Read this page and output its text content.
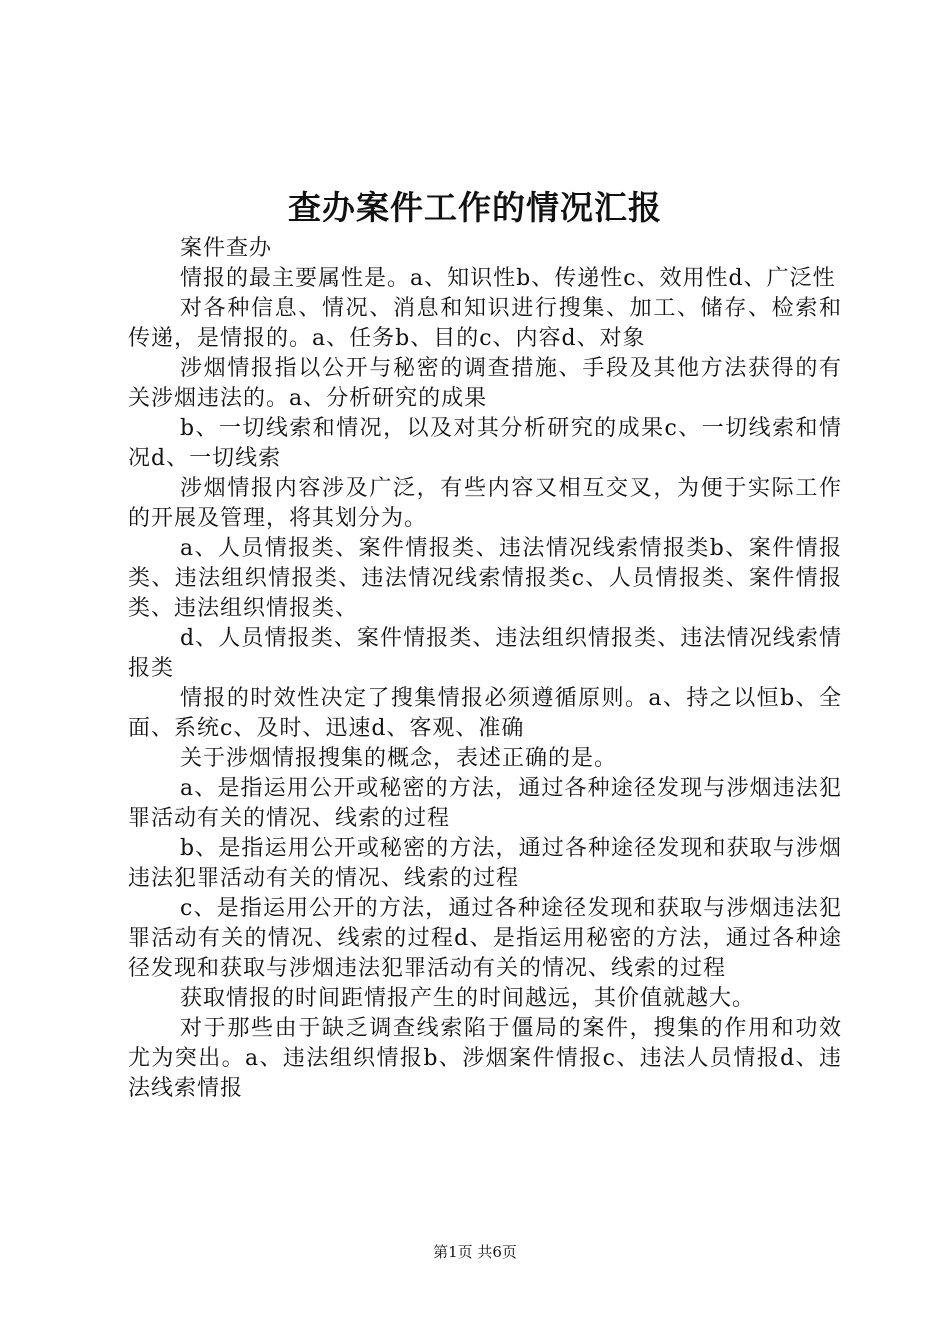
查办案件工作的情况汇报

案件查办

情报的最主要属性是。a、知识性b、传递性c、效用性d、广泛性

对各种信息、情况、消息和知识进行搜集、加工、储存、检索和传递，是情报的。a、任务b、目的c、内容d、对象

涉烟情报指以公开与秘密的调查措施、手段及其他方法获得的有关涉烟违法的。a、分析研究的成果

b、一切线索和情况，以及对其分析研究的成果c、一切线索和情况d、一切线索

涉烟情报内容涉及广泛，有些内容又相互交叉，为便于实际工作的开展及管理，将其划分为。

a、人员情报类、案件情报类、违法情况线索情报类b、案件情报类、违法组织情报类、违法情况线索情报类c、人员情报类、案件情报类、违法组织情报类、

d、人员情报类、案件情报类、违法组织情报类、违法情况线索情报类

情报的时效性决定了搜集情报必须遵循原则。a、持之以恒b、全面、系统c、及时、迅速d、客观、准确

关于涉烟情报搜集的概念，表述正确的是。

a、是指运用公开或秘密的方法，通过各种途径发现与涉烟违法犯罪活动有关的情况、线索的过程

b、是指运用公开或秘密的方法，通过各种途径发现和获取与涉烟违法犯罪活动有关的情况、线索的过程

c、是指运用公开的方法，通过各种途径发现和获取与涉烟违法犯罪活动有关的情况、线索的过程d、是指运用秘密的方法，通过各种途径发现和获取与涉烟违法犯罪活动有关的情况、线索的过程

获取情报的时间距情报产生的时间越远，其价值就越大。

对于那些由于缺乏调查线索陷于僵局的案件，搜集的作用和功效尤为突出。a、违法组织情报b、涉烟案件情报c、违法人员情报d、违法线索情报

第1页 共6页
